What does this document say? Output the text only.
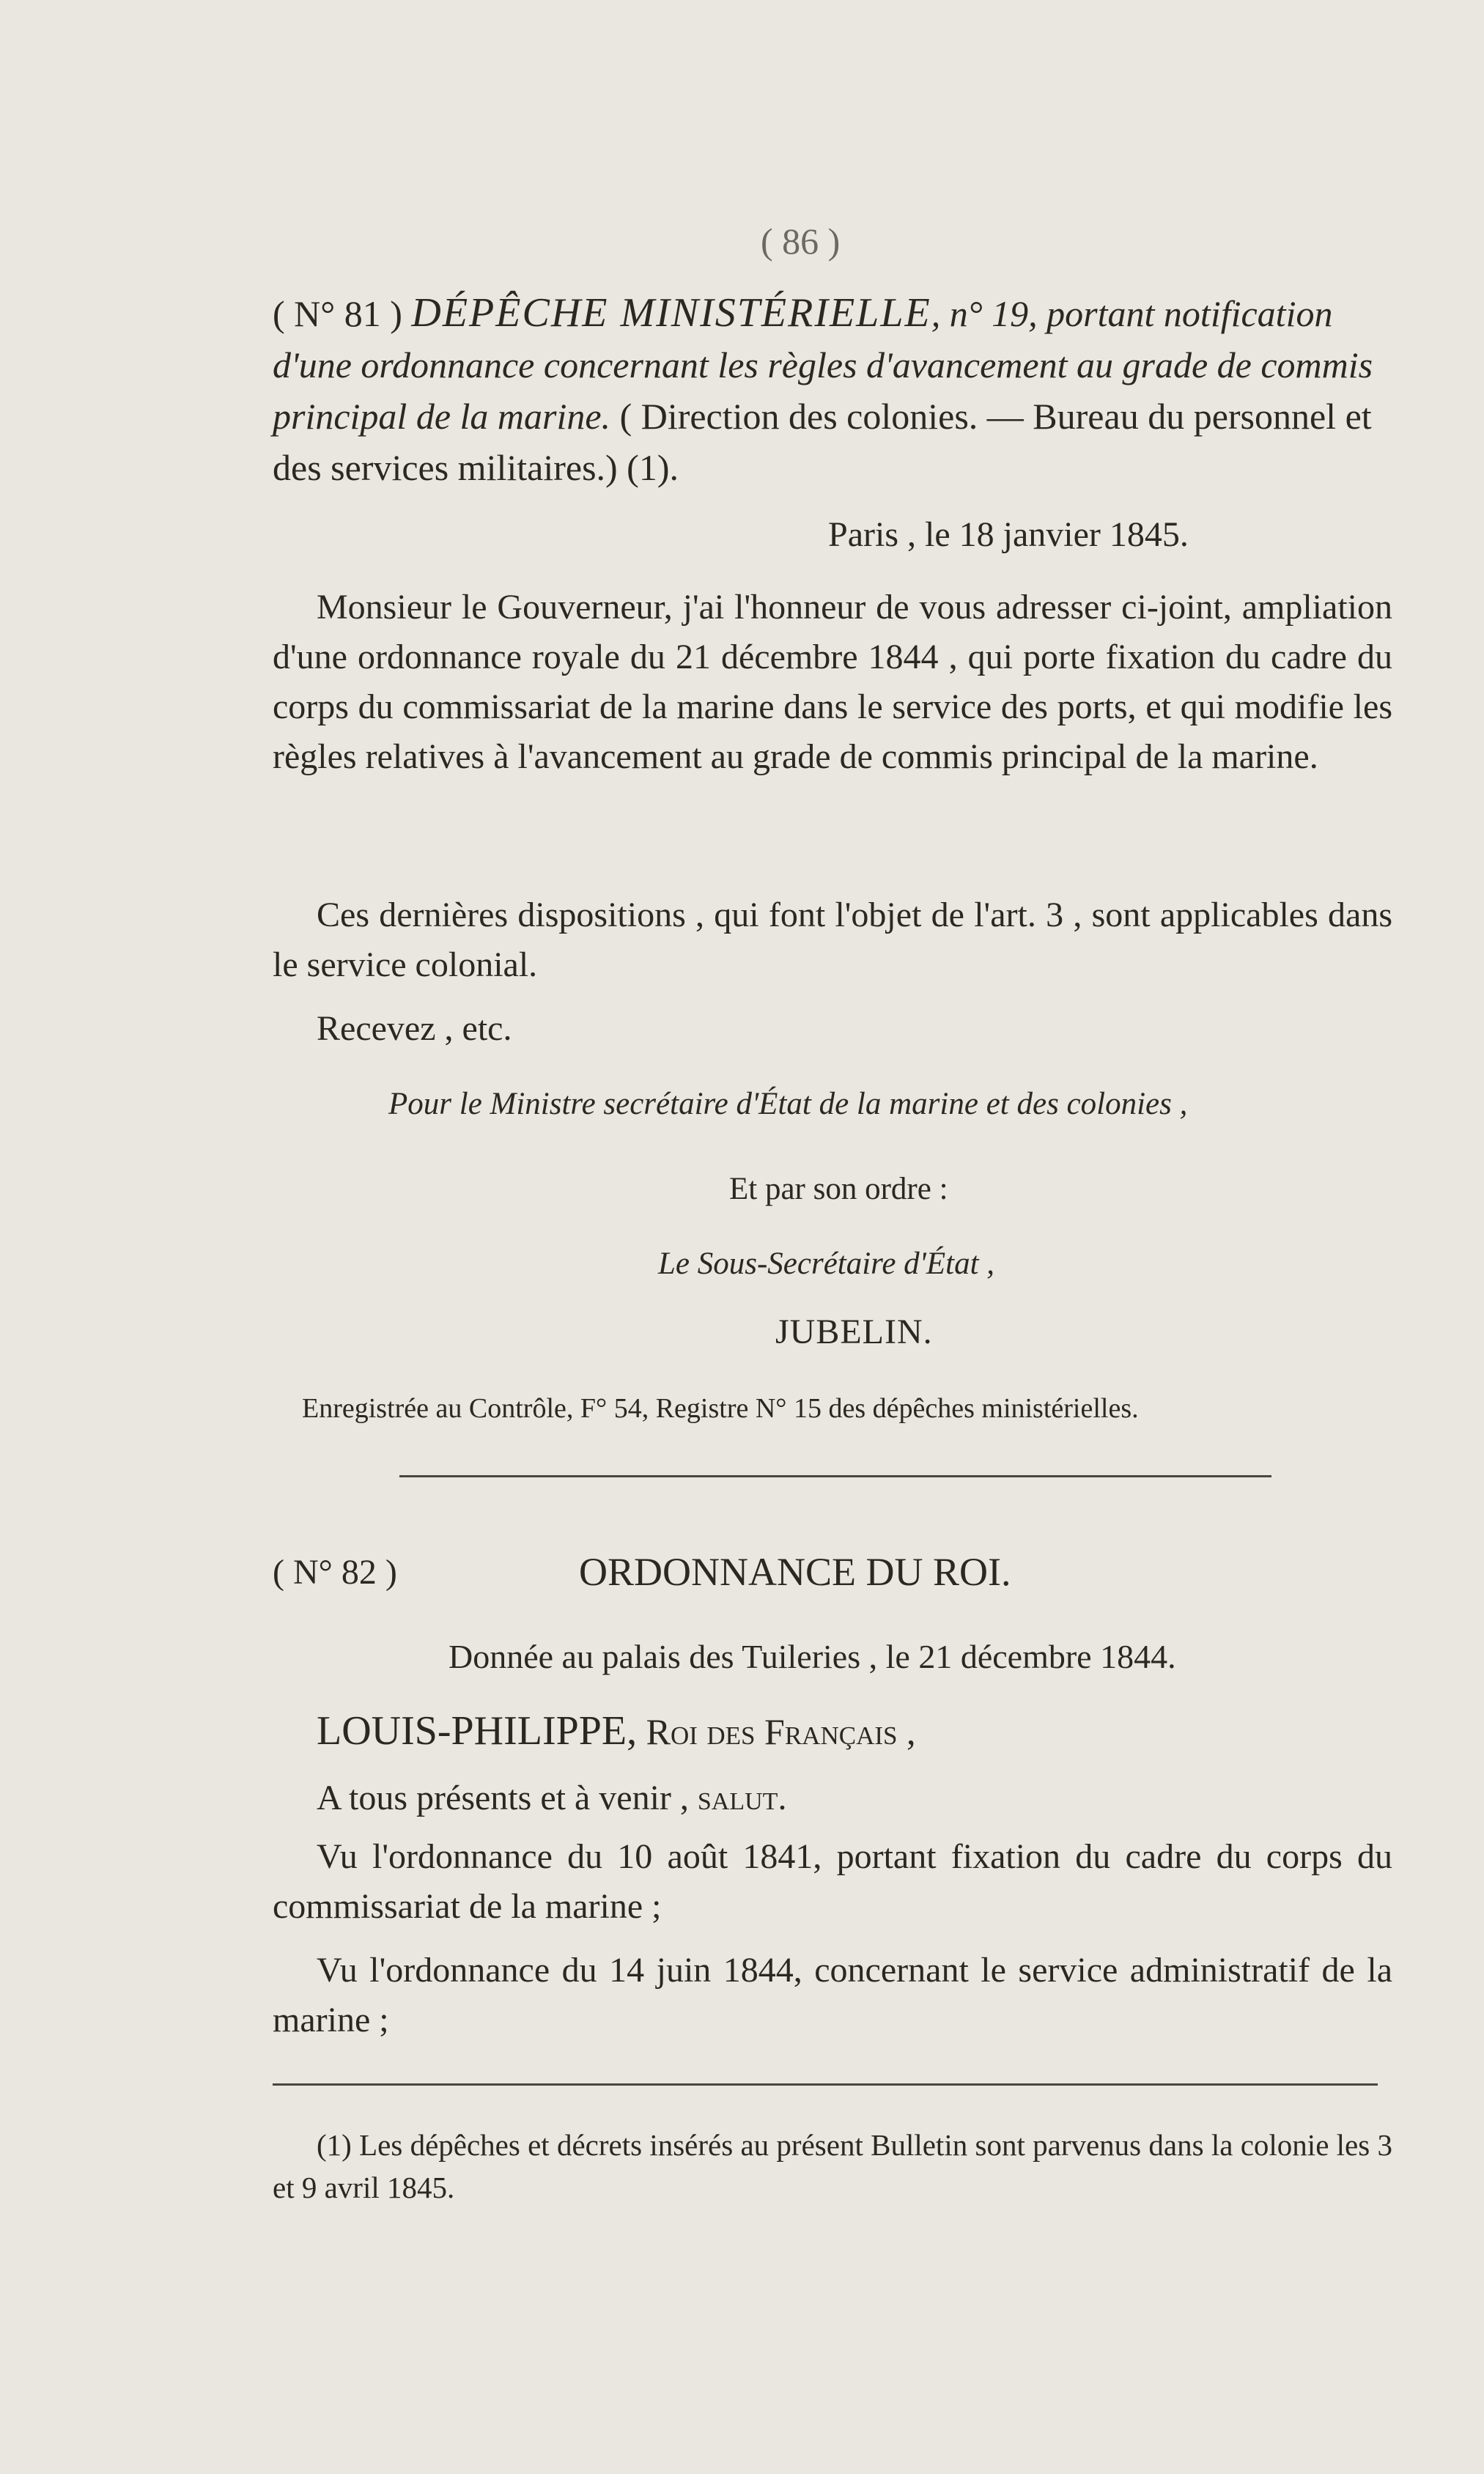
( 86 )

( N° 81 ) DÉPÊCHE MINISTÉRIELLE, n° 19, portant notification d'une ordonnance concernant les règles d'avancement au grade de commis principal de la marine. ( Direction des colonies. — Bureau du personnel et des services militaires.) (1).

Paris , le 18 janvier 1845.

Monsieur le Gouverneur, j'ai l'honneur de vous adresser ci-joint, ampliation d'une ordonnance royale du 21 décembre 1844 , qui porte fixation du cadre du corps du commissariat de la marine dans le service des ports, et qui modifie les règles relatives à l'avancement au grade de commis principal de la marine.

Ces dernières dispositions , qui font l'objet de l'art. 3 , sont applicables dans le service colonial.

Recevez , etc.

Pour le Ministre secrétaire d'État de la marine et des colonies ,
Et par son ordre :
Le Sous-Secrétaire d'État ,
JUBELIN.
Enregistrée au Contrôle, F° 54, Registre N° 15 des dépêches ministérielles.
( N° 82 )	ORDONNANCE DU ROI.
Donnée au palais des Tuileries , le 21 décembre 1844.
LOUIS-PHILIPPE, Roi des Français ,
A tous présents et à venir , salut.

Vu l'ordonnance du 10 août 1841, portant fixation du cadre du corps du commissariat de la marine ;

Vu l'ordonnance du 14 juin 1844, concernant le service administratif de la marine ;

(1) Les dépêches et décrets insérés au présent Bulletin sont parvenus dans la colonie les 3 et 9 avril 1845.
